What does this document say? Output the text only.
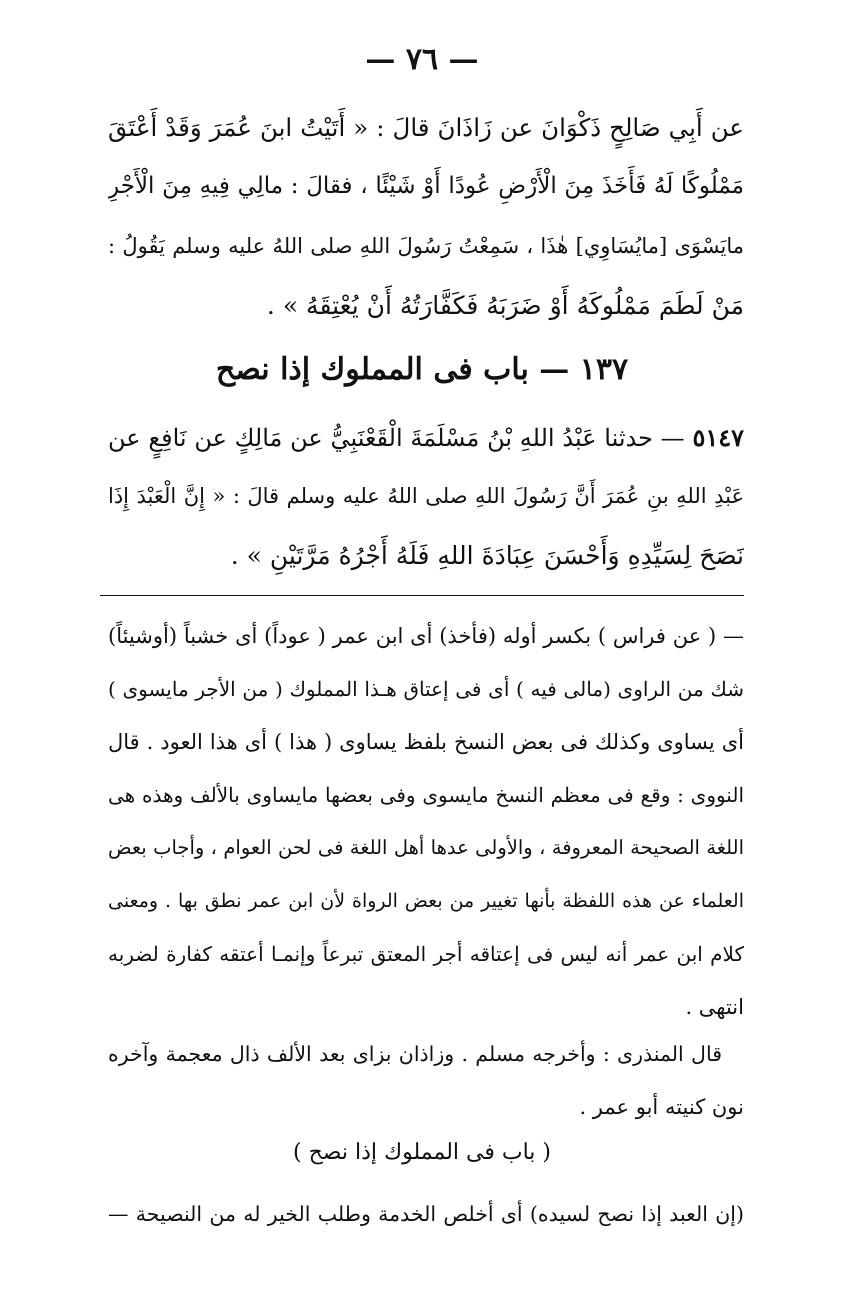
— ٧٦ —
عن أَبِي صَالِحٍ ذَكْوَانَ عن زَاذَانَ قالَ : « أَتَيْتُ ابنَ عُمَرَ وَقَدْ أَعْتَقَ
مَمْلُوكًا لَهُ فَأَخَذَ مِنَ الْأَرْضِ عُودًا أَوْ شَيْئًا ، فقالَ : مالِي فِيهِ مِنَ الْأَجْرِ
مايَسْوَى [مايُسَاوِي] هٰذَا ، سَمِعْتُ رَسُولَ اللهِ صلى اللهُ عليه وسلم يَقُولُ :
مَنْ لَطَمَ مَمْلُوكَهُ أَوْ ضَرَبَهُ فَكَفَّارَتُهُ أَنْ يُعْتِقَهُ » .
١٣٧ — باب فى المملوك إذا نصح
٥١٤٧ — حدثنا عَبْدُ اللهِ بْنُ مَسْلَمَةَ الْقَعْنَبِيُّ عن مَالِكٍ عن نَافِعٍ عن
عَبْدِ اللهِ بنِ عُمَرَ أَنَّ رَسُولَ اللهِ صلى اللهُ عليه وسلم قالَ : « إِنَّ الْعَبْدَ إِذَا
نَصَحَ لِسَيِّدِهِ وَأَحْسَنَ عِبَادَةَ اللهِ فَلَهُ أَجْرُهُ مَرَّتَيْنِ » .
— ( عن فراس ) بكسر أوله (فأخذ) أى ابن عمر ( عوداً) أى خشباً (أوشيئاً)
شك من الراوى (مالى فيه ) أى فى إعتاق هـذا المملوك ( من الأجر مايسوى )
أى يساوى وكذلك فى بعض النسخ بلفظ يساوى ( هذا ) أى هذا العود . قال
النووى : وقع فى معظم النسخ مايسوى وفى بعضها مايساوى بالألف وهذه هى
اللغة الصحيحة المعروفة ، والأولى عدها أهل اللغة فى لحن العوام ، وأجاب بعض
العلماء عن هذه اللفظة بأنها تغيير من بعض الرواة لأن ابن عمر نطق بها . ومعنى
كلام ابن عمر أنه ليس فى إعتاقه أجر المعتق تبرعاً وإنمـا أعتقه كفارة لضربه
انتهى .
قال المنذرى : وأخرجه مسلم . وزاذان بزاى بعد الألف ذال معجمة وآخره
نون كنيته أبو عمر .
( باب فى المملوك إذا نصح )
(إن العبد إذا نصح لسيده) أى أخلص الخدمة وطلب الخير له من النصيحة —
